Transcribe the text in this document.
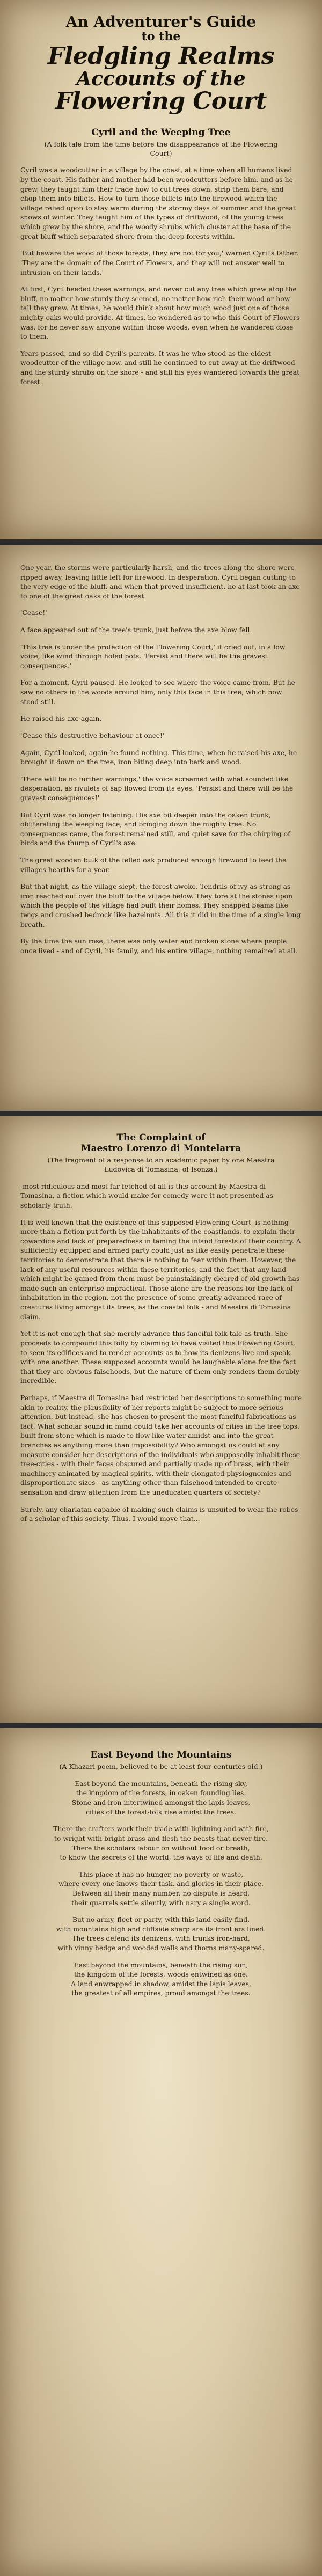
An Adventurer's Guide
to the
Fledgling Realms
Accounts of the
Flowering Court
Cyril and the Weeping Tree
(A folk tale from the time before the disappearance of the Flowering Court)

Cyril was a woodcutter in a village by the coast, at a time when all humans lived by the coast. His father and mother had been woodcutters before him, and as he grew, they taught him their trade how to cut trees down, strip them bare, and chop them into billets. How to turn those billets into the firewood which the village relied upon to stay warm during the stormy days of summer and the great snows of winter. They taught him of the types of driftwood, of the young trees which grew by the shore, and the woody shrubs which cluster at the base of the great bluff which separated shore from the deep forests within.

'But beware the wood of those forests, they are not for you,' warned Cyril's father. 'They are the domain of the Court of Flowers, and they will not answer well to intrusion on their lands.'

At first, Cyril heeded these warnings, and never cut any tree which grew atop the bluff, no matter how sturdy they seemed, no matter how rich their wood or how tall they grew. At times, he would think about how much wood just one of those mighty oaks would provide. At times, he wondered as to who this Court of Flowers was, for he never saw anyone within those woods, even when he wandered close to them.

Years passed, and so did Cyril's parents. It was he who stood as the eldest woodcutter of the village now, and still he continued to cut away at the driftwood and the sturdy shrubs on the shore - and still his eyes wandered towards the great forest.

One year, the storms were particularly harsh, and the trees along the shore were ripped away, leaving little left for firewood. In desperation, Cyril began cutting to the very edge of the bluff, and when that proved insufficient, he at last took an axe to one of the great oaks of the forest.

'Cease!'

A face appeared out of the tree's trunk, just before the axe blow fell.

'This tree is under the protection of the Flowering Court,' it cried out, in a low voice, like wind through holed pots. 'Persist and there will be the gravest consequences.'

For a moment, Cyril paused. He looked to see where the voice came from. But he saw no others in the woods around him, only this face in this tree, which now stood still.

He raised his axe again.

'Cease this destructive behaviour at once!'

Again, Cyril looked, again he found nothing. This time, when he raised his axe, he brought it down on the tree, iron biting deep into bark and wood.

'There will be no further warnings,' the voice screamed with what sounded like desperation, as rivulets of sap flowed from its eyes. 'Persist and there will be the gravest consequences!'

But Cyril was no longer listening. His axe bit deeper into the oaken trunk, obliterating the weeping face, and bringing down the mighty tree. No consequences came, the forest remained still, and quiet save for the chirping of birds and the thump of Cyril's axe.

The great wooden bulk of the felled oak produced enough firewood to feed the villages hearths for a year.

But that night, as the village slept, the forest awoke. Tendrils of ivy as strong as iron reached out over the bluff to the village below. They tore at the stones upon which the people of the village had built their homes. They snapped beams like twigs and crushed bedrock like hazelnuts. All this it did in the time of a single long breath.

By the time the sun rose, there was only water and broken stone where people once lived - and of Cyril, his family, and his entire village, nothing remained at all.

The Complaint of
Maestro Lorenzo di Montelarra
(The fragment of a response to an academic paper by one Maestra Ludovica di Tomasina, of Isonza.)

-most ridiculous and most far-fetched of all is this account by Maestra di Tomasina, a fiction which would make for comedy were it not presented as scholarly truth.

It is well known that the existence of this supposed Flowering Court' is nothing more than a fiction put forth by the inhabitants of the coastlands, to explain their cowardice and lack of preparedness in taming the inland forests of their country. A sufficiently equipped and armed party could just as like easily penetrate these territories to demonstrate that there is nothing to fear within them. However, the lack of any useful resources within these territories, and the fact that any land which might be gained from them must be painstakingly cleared of old growth has made such an enterprise impractical. Those alone are the reasons for the lack of inhabitation in the region, not the presence of some greatly advanced race of creatures living amongst its trees, as the coastal folk - and Maestra di Tomasina claim.

Yet it is not enough that she merely advance this fanciful folk-tale as truth. She proceeds to compound this folly by claiming to have visited this Flowering Court, to seen its edifices and to render accounts as to how its denizens live and speak with one another. These supposed accounts would be laughable alone for the fact that they are obvious falsehoods, but the nature of them only renders them doubly incredible.

Perhaps, if Maestra di Tomasina had restricted her descriptions to something more akin to reality, the plausibility of her reports might be subject to more serious attention, but instead, she has chosen to present the most fanciful fabrications as fact. What scholar sound in mind could take her accounts of cities in the tree tops, built from stone which is made to flow like water amidst and into the great branches as anything more than impossibility? Who amongst us could at any measure consider her descriptions of the individuals who supposedly inhabit these tree-cities - with their faces obscured and partially made up of brass, with their machinery animated by magical spirits, with their elongated physiognomies and disproportionate sizes - as anything other than falsehood intended to create sensation and draw attention from the uneducated quarters of society?

Surely, any charlatan capable of making such claims is unsuited to wear the robes of a scholar of this society. Thus, I would move that...

East Beyond the Mountains
(A Khazari poem, believed to be at least four centuries old.)
East beyond the mountains, beneath the rising sky,
the kingdom of the forests, in oaken founding lies.
Stone and iron intertwined amongst the lapis leaves,
cities of the forest-folk rise amidst the trees.
There the crafters work their trade with lightning and with fire,
to wright with bright brass and flesh the beasts that never tire.
There the scholars labour on without food or breath,
to know the secrets of the world, the ways of life and death.
This place it has no hunger, no poverty or waste,
where every one knows their task, and glories in their place.
Between all their many number, no dispute is heard,
their quarrels settle silently, with nary a single word.
But no army, fleet or party, with this land easily find,
with mountains high and cliffside sharp are its frontiers lined.
The trees defend its denizens, with trunks iron-hard,
with vinny hedge and wooded walls and thorns many-spared.
East beyond the mountains, beneath the rising sun,
the kingdom of the forests, woods entwined as one.
A land enwrapped in shadow, amidst the lapis leaves,
the greatest of all empires, proud amongst the trees.
